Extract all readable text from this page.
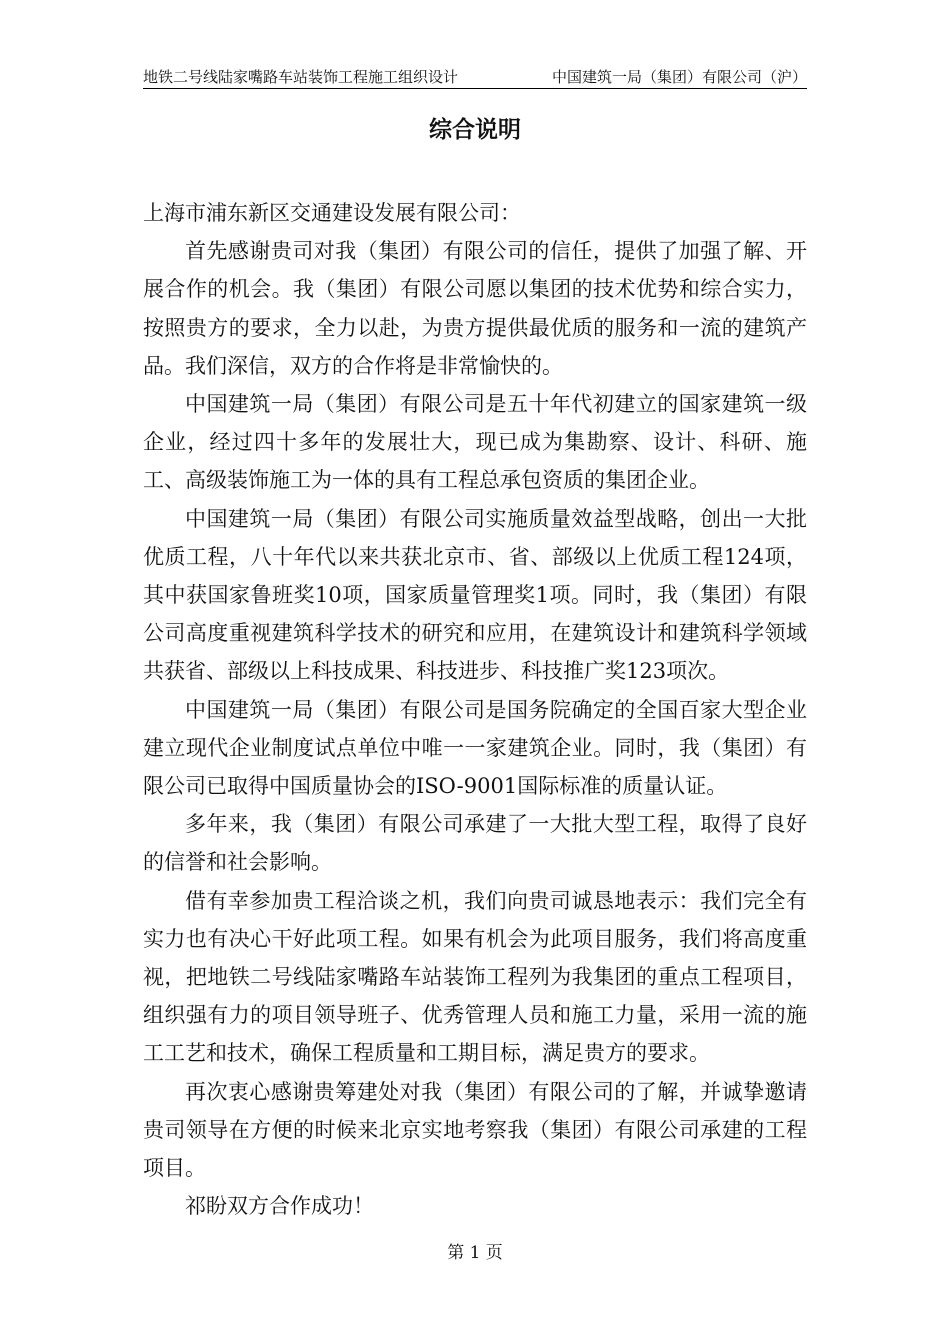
地铁二号线陆家嘴路车站装饰工程施工组织设计	中国建筑一局（集团）有限公司（沪）
综合说明

上海市浦东新区交通建设发展有限公司：

首先感谢贵司对我（集团）有限公司的信任，提供了加强了解、开展合作的机会。我（集团）有限公司愿以集团的技术优势和综合实力，按照贵方的要求，全力以赴，为贵方提供最优质的服务和一流的建筑产品。我们深信，双方的合作将是非常愉快的。

中国建筑一局（集团）有限公司是五十年代初建立的国家建筑一级企业，经过四十多年的发展壮大，现已成为集勘察、设计、科研、施工、高级装饰施工为一体的具有工程总承包资质的集团企业。

中国建筑一局（集团）有限公司实施质量效益型战略，创出一大批优质工程，八十年代以来共获北京市、省、部级以上优质工程124项，其中获国家鲁班奖10项，国家质量管理奖1项。同时，我（集团）有限公司高度重视建筑科学技术的研究和应用，在建筑设计和建筑科学领域共获省、部级以上科技成果、科技进步、科技推广奖123项次。

中国建筑一局（集团）有限公司是国务院确定的全国百家大型企业建立现代企业制度试点单位中唯一一家建筑企业。同时，我（集团）有限公司已取得中国质量协会的ISO-9001国际标准的质量认证。

多年来，我（集团）有限公司承建了一大批大型工程，取得了良好的信誉和社会影响。

借有幸参加贵工程洽谈之机，我们向贵司诚恳地表示：我们完全有实力也有决心干好此项工程。如果有机会为此项目服务，我们将高度重视，把地铁二号线陆家嘴路车站装饰工程列为我集团的重点工程项目，组织强有力的项目领导班子、优秀管理人员和施工力量，采用一流的施工工艺和技术，确保工程质量和工期目标，满足贵方的要求。

再次衷心感谢贵筹建处对我（集团）有限公司的了解，并诚挚邀请贵司领导在方便的时候来北京实地考察我（集团）有限公司承建的工程项目。

祁盼双方合作成功！

第 1 页
